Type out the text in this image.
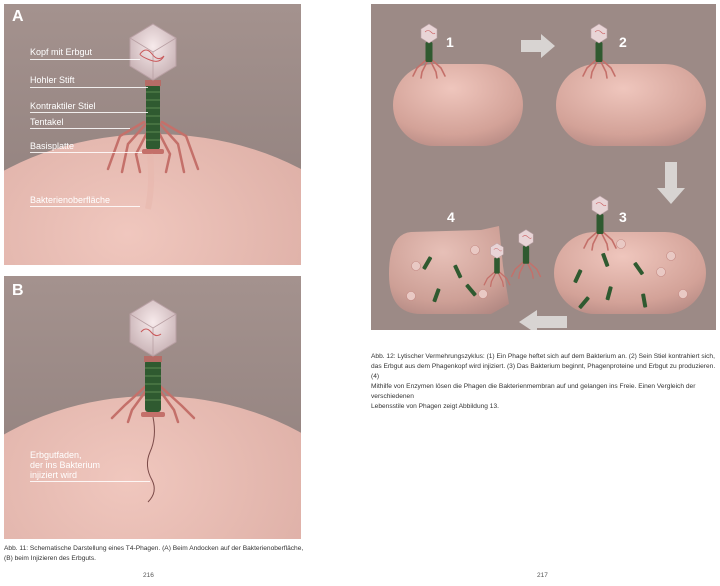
A
Kopf mit Erbgut
Hohler Stift
Kontraktiler Stiel
Tentakel
Basisplatte
Bakterienoberfläche
B
Erbgutfaden,
der ins Bakterium
injiziert wird
Abb. 11: Schematische Darstellung eines T4-Phagen. (A) Beim Andocken auf der Bakterienoberfläche,
(B) beim Injizieren des Erbguts.
216
1	2
3
4
Abb. 12: Lytischer Vermehrungszyklus: (1) Ein Phage heftet sich auf dem Bakterium an. (2) Sein Stiel kontrahiert sich,
das Erbgut aus dem Phagenkopf wird injiziert. (3) Das Bakterium beginnt, Phagenproteine und Erbgut zu produzieren. (4)
Mithilfe von Enzymen lösen die Phagen die Bakterienmembran auf und gelangen ins Freie. Einen Vergleich der verschiedenen
Lebensstile von Phagen zeigt Abbildung 13.
217
